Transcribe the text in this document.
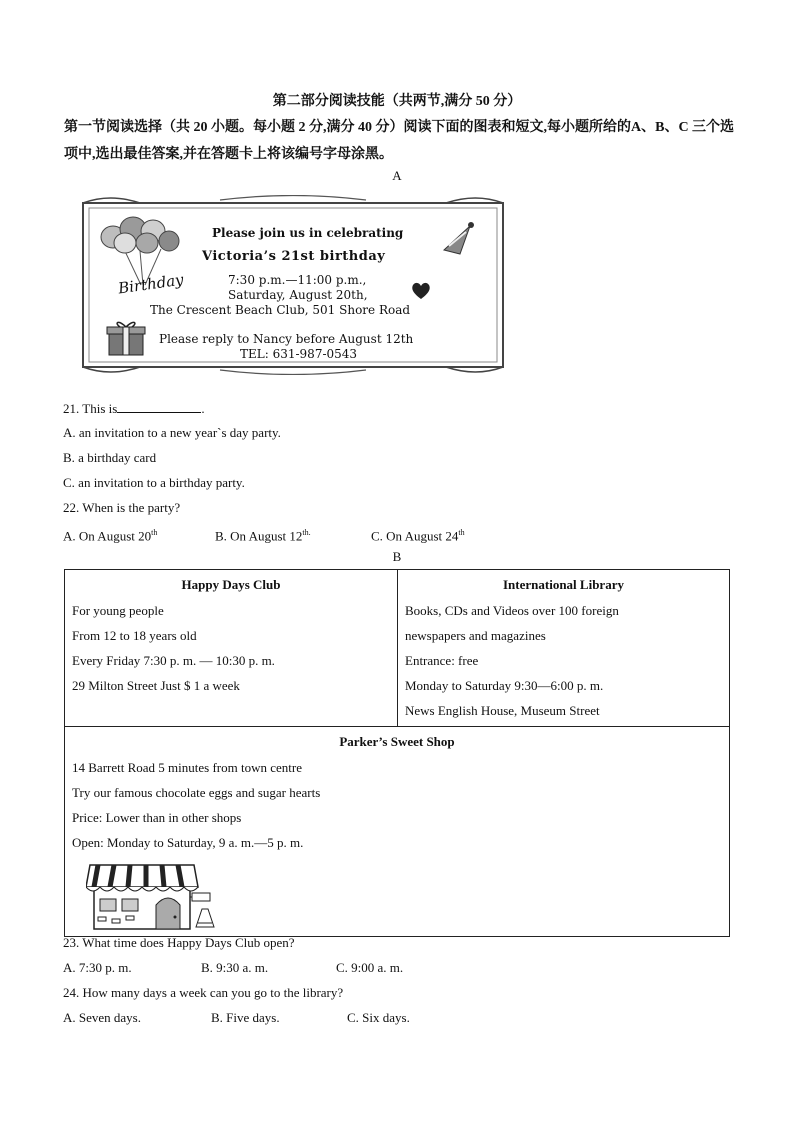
第二部分阅读技能（共两节,满分 50 分）
第一节阅读选择（共 20 小题。每小题 2 分,满分 40 分）阅读下面的图表和短文,每小题所给的A、B、C 三个选项中,选出最佳答案,并在答题卡上将该编号字母涂黑。
A
Please join us in celebrating
Victoria’s 21st birthday
Birthday	7:30 p.m.—11:00 p.m.,
Saturday, August 20th,
The Crescent Beach Club, 501 Shore Road
Please reply to Nancy before August 12th
TEL: 631-987-0543
21. This is	.
A. an invitation to a new year`s day party.
B. a birthday card
C. an invitation to a birthday party.
22. When is the party?
A. On August 20th	B. On August $12^{th.}$	C. On August 24th
B
Happy Days Club
For young people
From 12 to 18 years old
Every Friday 7:30 p. m. — 10:30 p. m.
29 Milton Street Just $ 1 a week

International Library
Books, CDs and Videos over 100 foreign
newspapers and magazines
Entrance: free
Monday to Saturday 9:30—6:00 p. m.
News English House, Museum Street

Parker’s Sweet Shop
14 Barrett Road 5 minutes from town centre
Try our famous chocolate eggs and sugar hearts
Price: Lower than in other shops
Open: Monday to Saturday, 9 a. m.—5 p. m.
23. What time does Happy Days Club open?
A. 7:30 p. m.	B. 9:30 a. m.	C. 9:00 a. m.
24. How many days a week can you go to the library?
A. Seven days.	B. Five days.	C. Six days.
